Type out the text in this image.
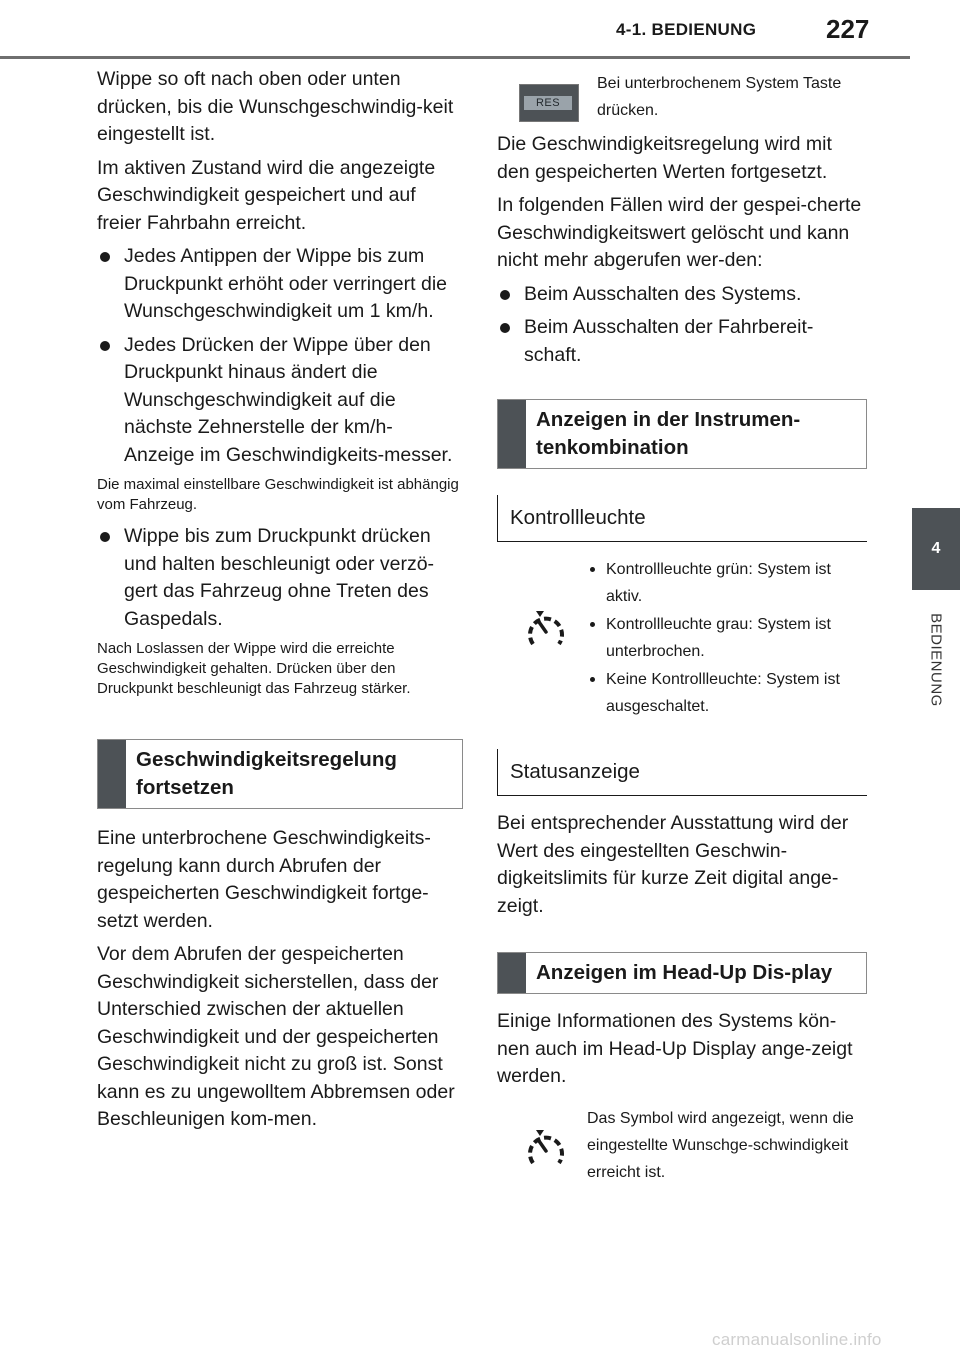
4-1. BEDIENUNG	227
4
BEDIENUNG

Wippe so oft nach oben oder unten drücken, bis die Wunschgeschwindig-keit eingestellt ist.

Im aktiven Zustand wird die angezeigte Geschwindigkeit gespeichert und auf freier Fahrbahn erreicht.

Jedes Antippen der Wippe bis zum Druckpunkt erhöht oder verringert die Wunschgeschwindigkeit um 1 km/h.
Jedes Drücken der Wippe über den Druckpunkt hinaus ändert die Wunschgeschwindigkeit auf die nächste Zehnerstelle der km/h-Anzeige im Geschwindigkeits-messer.

Die maximal einstellbare Geschwindigkeit ist abhängig vom Fahrzeug.

Wippe bis zum Druckpunkt drücken und halten beschleunigt oder verzö-gert das Fahrzeug ohne Treten des Gaspedals.

Nach Loslassen der Wippe wird die erreichte Geschwindigkeit gehalten. Drücken über den Druckpunkt beschleunigt das Fahrzeug stärker.

Geschwindigkeitsregelung fortsetzen

Eine unterbrochene Geschwindigkeits-regelung kann durch Abrufen der gespeicherten Geschwindigkeit fortge-setzt werden.

Vor dem Abrufen der gespeicherten Geschwindigkeit sicherstellen, dass der Unterschied zwischen der aktuellen Geschwindigkeit und der gespeicherten Geschwindigkeit nicht zu groß ist. Sonst kann es zu ungewolltem Abbremsen oder Beschleunigen kom-men.

RES
Bei unterbrochenem System Taste drücken.

Die Geschwindigkeitsregelung wird mit den gespeicherten Werten fortgesetzt.

In folgenden Fällen wird der gespei-cherte Geschwindigkeitswert gelöscht und kann nicht mehr abgerufen wer-den:

Beim Ausschalten des Systems.
Beim Ausschalten der Fahrbereit-schaft.
Anzeigen in der Instrumen-tenkombination
Kontrollleuchte
Kontrollleuchte grün: System ist aktiv.
Kontrollleuchte grau: System ist unterbrochen.
Keine Kontrollleuchte: System ist ausgeschaltet.
Statusanzeige

Bei entsprechender Ausstattung wird der Wert des eingestellten Geschwin-digkeitslimits für kurze Zeit digital ange-zeigt.

Anzeigen im Head-Up Dis-play

Einige Informationen des Systems kön-nen auch im Head-Up Display ange-zeigt werden.

Das Symbol wird angezeigt, wenn die eingestellte Wunschge-schwindigkeit erreicht ist.
carmanualsonline.info
